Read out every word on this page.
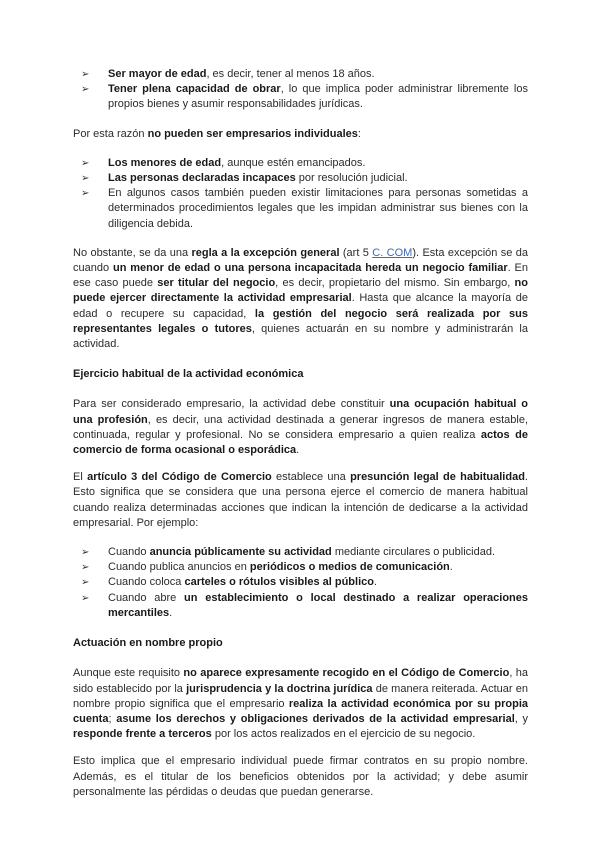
➢ Ser mayor de edad, es decir, tener al menos 18 años.
➢ Tener plena capacidad de obrar, lo que implica poder administrar libremente los propios bienes y asumir responsabilidades jurídicas.

Por esta razón no pueden ser empresarios individuales:

➢ Los menores de edad, aunque estén emancipados.
➢ Las personas declaradas incapaces por resolución judicial.
➢ En algunos casos también pueden existir limitaciones para personas sometidas a determinados procedimientos legales que les impidan administrar sus bienes con la diligencia debida.

No obstante, se da una regla a la excepción general (art 5 C. COM). Esta excepción se da cuando un menor de edad o una persona incapacitada hereda un negocio familiar. En ese caso puede ser titular del negocio, es decir, propietario del mismo. Sin embargo, no puede ejercer directamente la actividad empresarial. Hasta que alcance la mayoría de edad o recupere su capacidad, la gestión del negocio será realizada por sus representantes legales o tutores, quienes actuarán en su nombre y administrarán la actividad.

Ejercicio habitual de la actividad económica

Para ser considerado empresario, la actividad debe constituir una ocupación habitual o una profesión, es decir, una actividad destinada a generar ingresos de manera estable, continuada, regular y profesional. No se considera empresario a quien realiza actos de comercio de forma ocasional o esporádica.

El artículo 3 del Código de Comercio establece una presunción legal de habitualidad. Esto significa que se considera que una persona ejerce el comercio de manera habitual cuando realiza determinadas acciones que indican la intención de dedicarse a la actividad empresarial. Por ejemplo:

➢ Cuando anuncia públicamente su actividad mediante circulares o publicidad.
➢ Cuando publica anuncios en periódicos o medios de comunicación.
➢ Cuando coloca carteles o rótulos visibles al público.
➢ Cuando abre un establecimiento o local destinado a realizar operaciones mercantiles.
Actuación en nombre propio

Aunque este requisito no aparece expresamente recogido en el Código de Comercio, ha sido establecido por la jurisprudencia y la doctrina jurídica de manera reiterada. Actuar en nombre propio significa que el empresario realiza la actividad económica por su propia cuenta; asume los derechos y obligaciones derivados de la actividad empresarial, y responde frente a terceros por los actos realizados en el ejercicio de su negocio.

Esto implica que el empresario individual puede firmar contratos en su propio nombre. Además, es el titular de los beneficios obtenidos por la actividad; y debe asumir personalmente las pérdidas o deudas que puedan generarse.
